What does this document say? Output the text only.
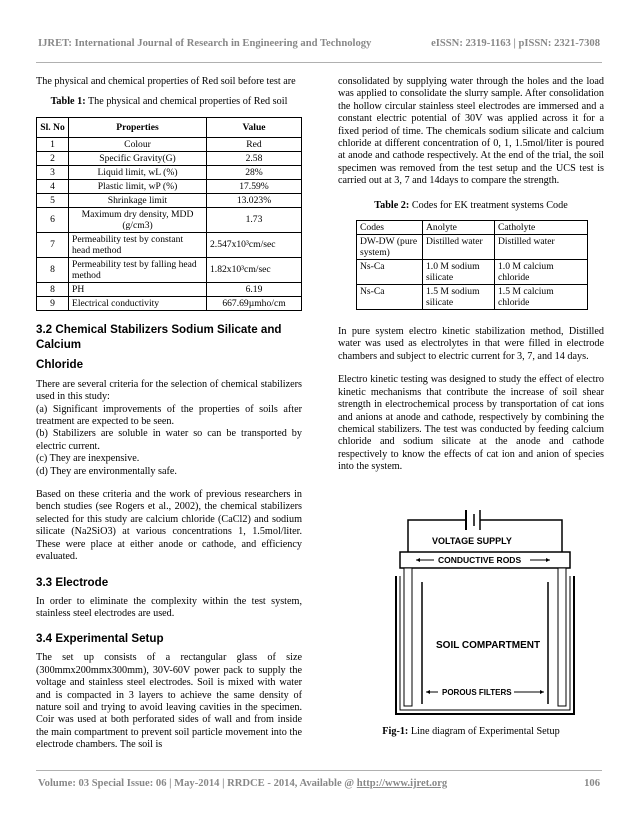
IJRET: International Journal of Research in Engineering and Technology	eISSN: 2319-1163 | pISSN: 2321-7308

The physical and chemical properties of Red soil before test are

Table 1: The physical and chemical properties of Red soil
Sl. No	Properties	Value
1	Colour	Red
2	Specific Gravity(G)	2.58
3	Liquid limit, wL (%)	28%
4	Plastic limit, wP (%)	17.59%
5	Shrinkage limit	13.023%
6	Maximum dry density, MDD (g/cm3)	1.73
7	Permeability test by constant head method	2.547x10³cm/sec
8	Permeability test by falling head method	1.82x10³cm/sec
8	PH	6.19
9	Electrical conductivity	667.69µmho/cm
3.2 Chemical Stabilizers Sodium Silicate and Calcium
Chloride

There are several criteria for the selection of chemical stabilizers used in this study:

(a) Significant improvements of the properties of soils after treatment are expected to be seen.

(b) Stabilizers are soluble in water so can be transported by electric current.

(c) They are inexpensive.

(d) They are environmentally safe.

Based on these criteria and the work of previous researchers in bench studies (see Rogers et al., 2002), the chemical stabilizers selected for this study are calcium chloride (CaCl2) and sodium silicate (Na2SiO3) at various concentrations 1, 1.5mol/liter. These were place at either anode or cathode, and efficiency evaluated.

3.3 Electrode

In order to eliminate the complexity within the test system, stainless steel electrodes are used.

3.4 Experimental Setup

The set up consists of a rectangular glass of size (300mmx200mmx300mm), 30V-60V power pack to supply the voltage and stainless steel electrodes. Soil is mixed with water and is compacted in 3 layers to achieve the same density of nature soil and trying to avoid leaving cavities in the specimen. Coir was used at both perforated sides of wall and from inside the main compartment to prevent soil particle movement into the electrode chambers. The soil is

consolidated by supplying water through the holes and the load was applied to consolidate the slurry sample. After consolidation the hollow circular stainless steel electrodes are immersed and a constant electric potential of 30V was applied across it for a fixed period of time. The chemicals sodium silicate and calcium chloride at different concentration of 0, 1, 1.5mol/liter is poured at anode and cathode respectively. At the end of the trial, the soil specimen was removed from the test setup and the UCS test is carried out at 3, 7 and 14days to compare the strength.

Table 2: Codes for EK treatment systems Code
Codes	Anolyte	Catholyte
DW-DW (pure system)	Distilled water	Distilled water
Ns-Ca	1.0 M sodium silicate	1.0 M calcium chloride
Ns-Ca	1.5 M sodium silicate	1.5 M calcium chloride

In pure system electro kinetic stabilization method, Distilled water was used as electrolytes in that were filled in electrode chambers and subject to electric current for 3, 7, and 14 days.

Electro kinetic testing was designed to study the effect of electro kinetic mechanisms that contribute the increase of soil shear strength in electrochemical process by transportation of cat ions and anions at anode and cathode, respectively by combining the chemical stabilizers. The test was conducted by feeding calcium chloride and sodium silicate at the anode and cathode respectively to know the effects of cat ion and anion of species into the system.

VOLTAGE SUPPLY
CONDUCTIVE RODS
SOIL COMPARTMENT
POROUS FILTERS
Fig-1: Line diagram of Experimental Setup
Volume: 03 Special Issue: 06 | May-2014 | RRDCE - 2014, Available @ http://www.ijret.org	106
